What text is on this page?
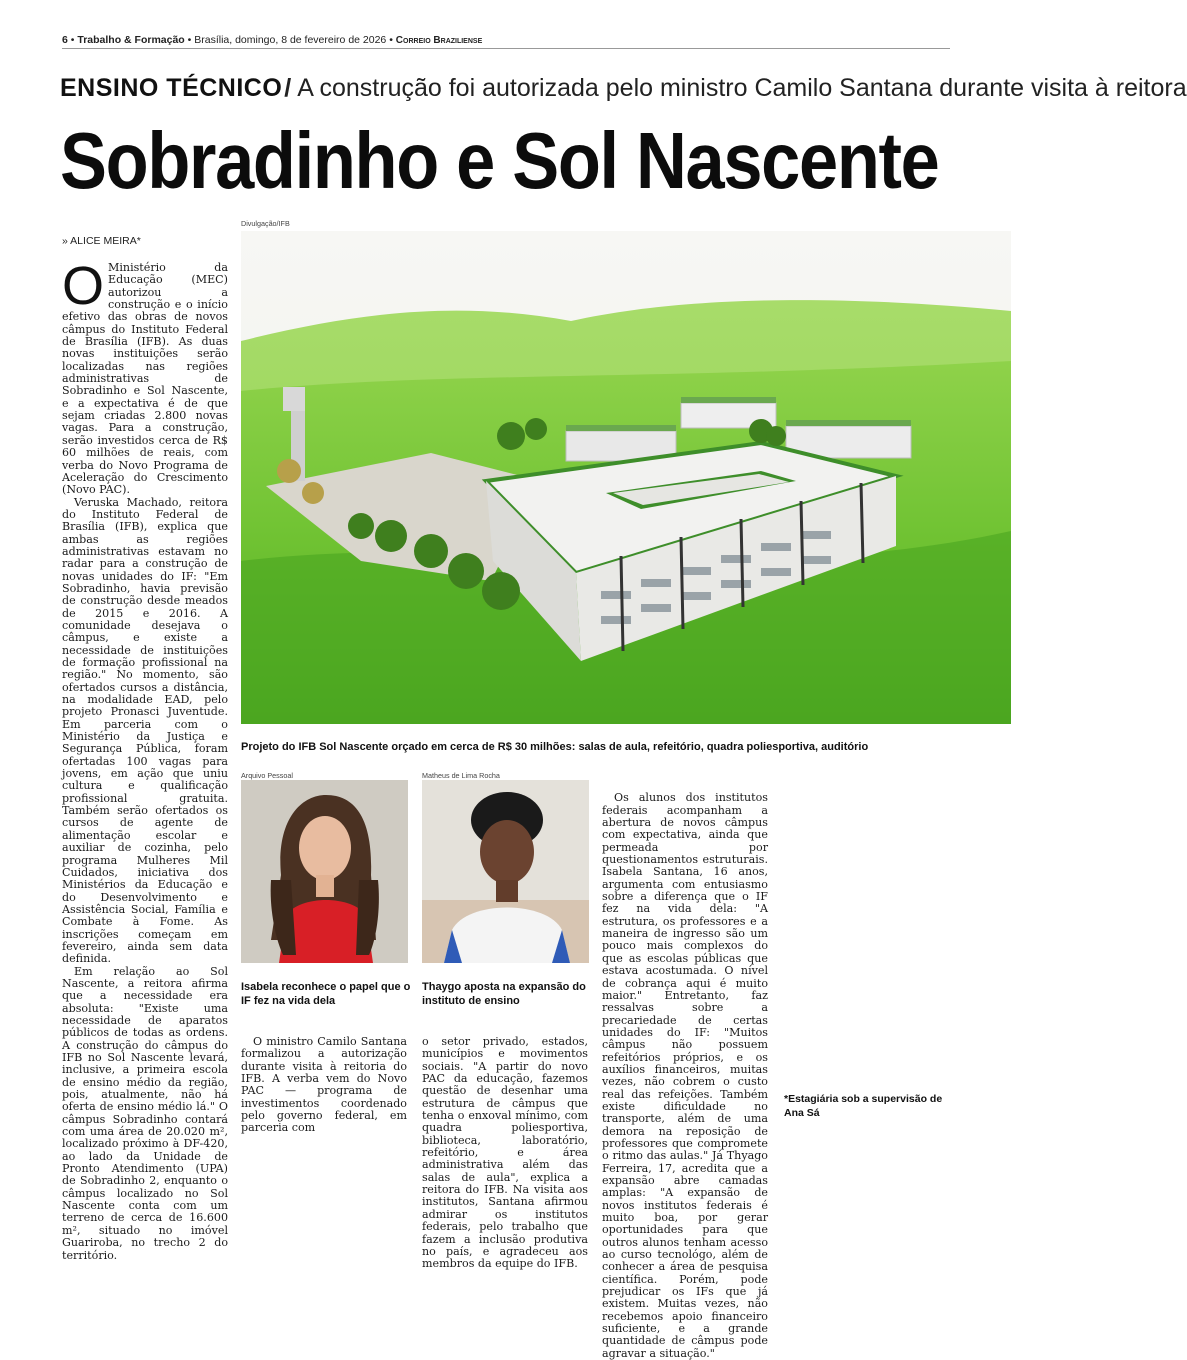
6 • Trabalho & Formação • Brasília, domingo, 8 de fevereiro de 2026 • Correio Braziliense
ENSINO TÉCNICO/ A construção foi autorizada pelo ministro Camilo Santana durante visita à reitora
Sobradinho e Sol Nascente
» ALICE MEIRA*

O Ministério da Educação (MEC) autorizou a construção e o início efetivo das obras de novos câmpus do Instituto Federal de Brasília (IFB). As duas novas instituições serão localizadas nas regiões administrativas de Sobradinho e Sol Nascente, e a expectativa é de que sejam criadas 2.800 novas vagas. Para a construção, serão investidos cerca de R$ 60 milhões de reais, com verba do Novo Programa de Aceleração do Crescimento (Novo PAC).

Veruska Machado, reitora do Instituto Federal de Brasília (IFB), explica que ambas as regiões administrativas estavam no radar para a construção de novas unidades do IF: "Em Sobradinho, havia previsão de construção desde meados de 2015 e 2016. A comunidade desejava o câmpus, e existe a necessidade de instituições de formação profissional na região." No momento, são ofertados cursos a distância, na modalidade EAD, pelo projeto Pronasci Juventude. Em parceria com o Ministério da Justiça e Segurança Pública, foram ofertadas 100 vagas para jovens, em ação que uniu cultura e qualificação profissional gratuita. Também serão ofertados os cursos de agente de alimentação escolar e auxiliar de cozinha, pelo programa Mulheres Mil Cuidados, iniciativa dos Ministérios da Educação e do Desenvolvimento e Assistência Social, Família e Combate à Fome. As inscrições começam em fevereiro, ainda sem data definida.

Em relação ao Sol Nascente, a reitora afirma que a necessidade era absoluta: "Existe uma necessidade de aparatos públicos de todas as ordens. A construção do câmpus do IFB no Sol Nascente levará, inclusive, a primeira escola de ensino médio da região, pois, atualmente, não há oferta de ensino médio lá." O câmpus Sobradinho contará com uma área de 20.020 m², localizado próximo à DF-420, ao lado da Unidade de Pronto Atendimento (UPA) de Sobradinho 2, enquanto o câmpus localizado no Sol Nascente conta com um terreno de cerca de 16.600 m², situado no imóvel Guariroba, no trecho 2 do território.

Divulgação/IFB
Projeto do IFB Sol Nascente orçado em cerca de R$ 30 milhões: salas de aula, refeitório, quadra poliesportiva, auditório
Arquivo Pessoal
Isabela reconhece o papel que o IF fez na vida dela
Matheus de Lima Rocha
Thaygo aposta na expansão do instituto de ensino

O ministro Camilo Santana formalizou a autorização durante visita à reitoria do IFB. A verba vem do Novo PAC — programa de investimentos coordenado pelo governo federal, em parceria com

o setor privado, estados, municípios e movimentos sociais. "A partir do novo PAC da educação, fazemos questão de desenhar uma estrutura de câmpus que tenha o enxoval mínimo, com quadra poliesportiva, biblioteca, laboratório, refeitório, e área administrativa além das salas de aula", explica a reitora do IFB. Na visita aos institutos, Santana afirmou admirar os institutos federais, pelo trabalho que fazem a inclusão produtiva no país, e agradeceu aos membros da equipe do IFB.

Os alunos dos institutos federais acompanham a abertura de novos câmpus com expectativa, ainda que permeada por questionamentos estruturais. Isabela Santana, 16 anos, argumenta com entusiasmo sobre a diferença que o IF fez na vida dela: "A estrutura, os professores e a maneira de ingresso são um pouco mais complexos do que as escolas públicas que estava acostumada. O nível de cobrança aqui é muito maior." Entretanto, faz ressalvas sobre a precariedade de certas unidades do IF: "Muitos câmpus não possuem refeitórios próprios, e os auxílios financeiros, muitas vezes, não cobrem o custo real das refeições. Também existe dificuldade no transporte, além de uma demora na reposição de professores que compromete o ritmo das aulas." Já Thyago Ferreira, 17, acredita que a expansão abre camadas amplas: "A expansão de novos institutos federais é muito boa, por gerar oportunidades para que outros alunos tenham acesso ao curso tecnológo, além de conhecer a área de pesquisa científica. Porém, pode prejudicar os IFs que já existem. Muitas vezes, não recebemos apoio financeiro suficiente, e a grande quantidade de câmpus pode agravar a situação."

*Estagiária sob a supervisão de Ana Sá
